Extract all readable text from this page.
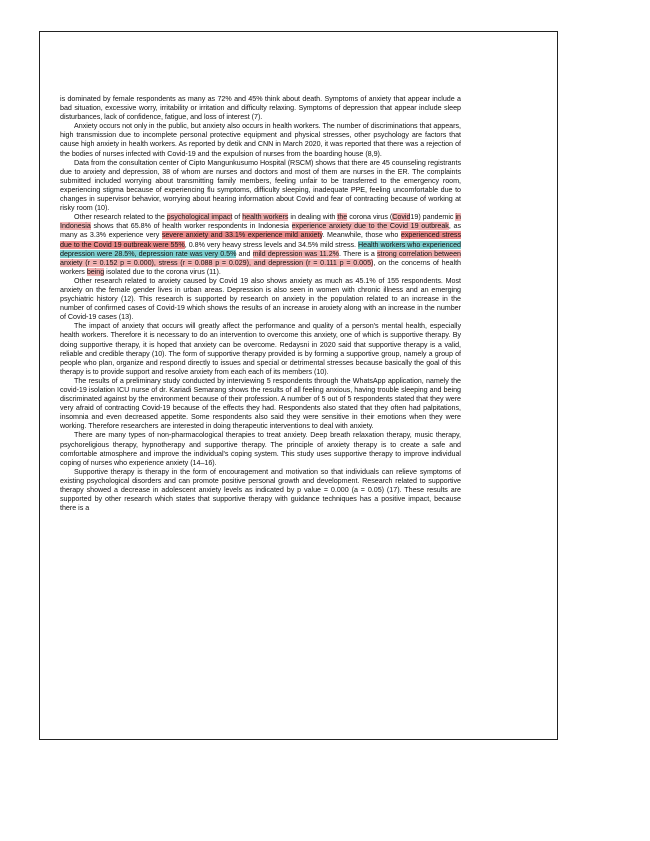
is dominated by female respondents as many as 72% and 45% think about death. Symptoms of anxiety that appear include a bad situation, excessive worry, irritability or irritation and difficulty relaxing. Symptoms of depression that appear include sleep disturbances, lack of confidence, fatigue, and loss of interest (7).

Anxiety occurs not only in the public, but anxiety also occurs in health workers. The number of discriminations that appears, high transmission due to incomplete personal protective equipment and physical stresses, other psychology are factors that cause high anxiety in health workers. As reported by detik and CNN in March 2020, it was reported that there was a rejection of the bodies of nurses infected with Covid-19 and the expulsion of nurses from the boarding house (8,9).

Data from the consultation center of Cipto Mangunkusumo Hospital (RSCM) shows that there are 45 counseling registrants due to anxiety and depression, 38 of whom are nurses and doctors and most of them are nurses in the ER. The complaints submitted included worrying about transmitting family members, feeling unfair to be transferred to the emergency room, experiencing stigma because of experiencing flu symptoms, difficulty sleeping, inadequate PPE, feeling uncomfortable due to changes in supervisor behavior, worrying about hearing information about Covid and fear of contracting because of working at risky room (10).

Other research related to the psychological impact of health workers in dealing with the corona virus (Covid19) pandemic in Indonesia shows that 65.8% of health worker respondents in Indonesia experience anxiety due to the Covid 19 outbreak, as many as 3.3% experience very severe anxiety and 33.1% experience mild anxiety. Meanwhile, those who experienced stress due to the Covid 19 outbreak were 55%, 0.8% very heavy stress levels and 34.5% mild stress. Health workers who experienced depression were 28.5%, depression rate was very 0.5% and mild depression was 11.2%. There is a strong correlation between anxiety (r = 0.152 p = 0.000), stress (r = 0.088 p = 0.029), and depression (r = 0.111 p = 0.005), on the concerns of health workers being isolated due to the corona virus (11).

Other research related to anxiety caused by Covid 19 also shows anxiety as much as 45.1% of 155 respondents. Most anxiety on the female gender lives in urban areas. Depression is also seen in women with chronic illness and an emerging psychiatric history (12). This research is supported by research on anxiety in the population related to an increase in the number of confirmed cases of Covid-19 which shows the results of an increase in anxiety along with an increase in the number of Covid-19 cases (13).

The impact of anxiety that occurs will greatly affect the performance and quality of a person's mental health, especially health workers. Therefore it is necessary to do an intervention to overcome this anxiety, one of which is supportive therapy. By doing supportive therapy, it is hoped that anxiety can be overcome. Redaysni in 2020 said that supportive therapy is a valid, reliable and credible therapy (10). The form of supportive therapy provided is by forming a supportive group, namely a group of people who plan, organize and respond directly to issues and special or detrimental stresses because basically the goal of this therapy is to provide support and resolve anxiety from each each of its members (10).

The results of a preliminary study conducted by interviewing 5 respondents through the WhatsApp application, namely the covid-19 isolation ICU nurse of dr. Kariadi Semarang shows the results of all feeling anxious, having trouble sleeping and being discriminated against by the environment because of their profession. A number of 5 out of 5 respondents stated that they were very afraid of contracting Covid-19 because of the effects they had. Respondents also stated that they often had palpitations, insomnia and even decreased appetite. Some respondents also said they were sensitive in their emotions when they were working. Therefore researchers are interested in doing therapeutic interventions to deal with anxiety.

There are many types of non-pharmacological therapies to treat anxiety. Deep breath relaxation therapy, music therapy, psychoreligious therapy, hypnotherapy and supportive therapy. The principle of anxiety therapy is to create a safe and comfortable atmosphere and improve the individual's coping system. This study uses supportive therapy to improve individual coping of nurses who experience anxiety (14–16).

Supportive therapy is therapy in the form of encouragement and motivation so that individuals can relieve symptoms of existing psychological disorders and can promote positive personal growth and development. Research related to supportive therapy showed a decrease in adolescent anxiety levels as indicated by p value = 0.000 (a = 0.05) (17). These results are supported by other research which states that supportive therapy with guidance techniques has a positive impact, because there is a
